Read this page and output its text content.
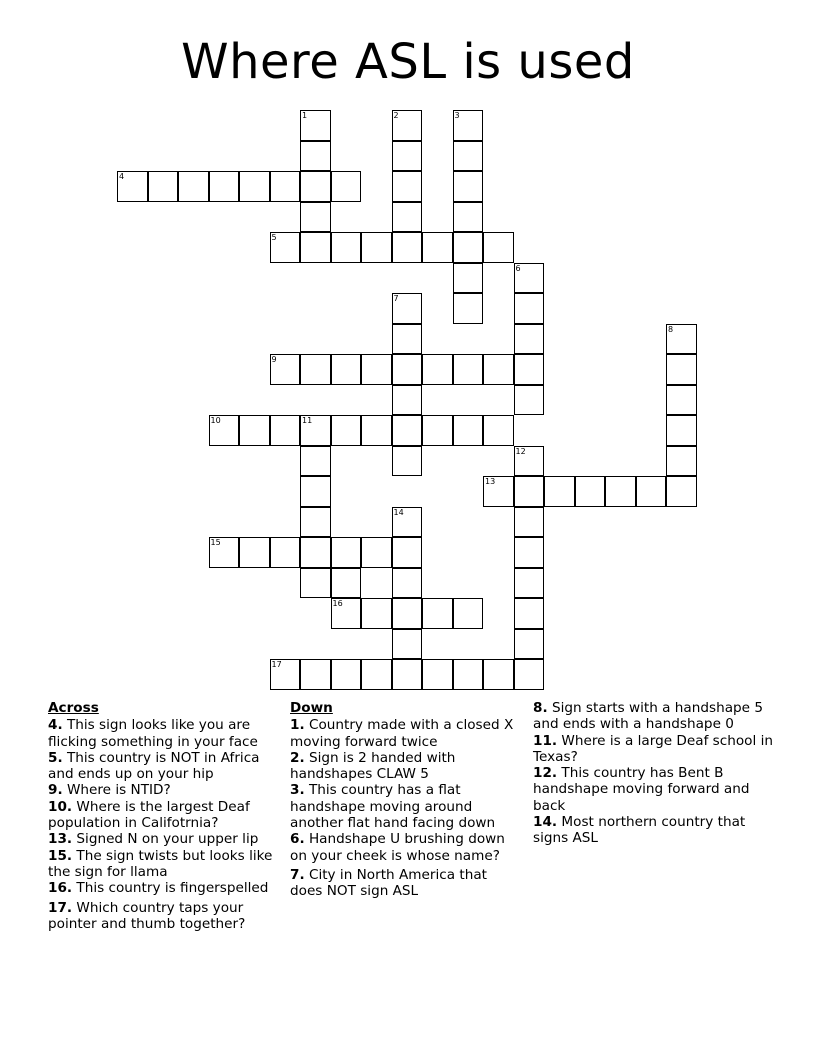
Where ASL is used
1	2	3
4
5
6
7
8
9
10	11
12
13
14
15
16
17
Across
4. This sign looks like you are flicking something in your face
5. This country is NOT in Africa and ends up on your hip
9. Where is NTID?
10. Where is the largest Deaf population in Califotrnia?
13. Signed N on your upper lip
15. The sign twists but looks like the sign for llama
16. This country is fingerspelled
17. Which country taps your pointer and thumb together?
Down
1. Country made with a closed X moving forward twice
2. Sign is 2 handed with handshapes CLAW 5
3. This country has a flat handshape moving around another flat hand facing down
6. Handshape U brushing down on your cheek is whose name?
7. City in North America that does NOT sign ASL
8. Sign starts with a handshape 5 and ends with a handshape 0
11. Where is a large Deaf school in Texas?
12. This country has Bent B handshape moving forward and back
14. Most northern country that signs ASL
